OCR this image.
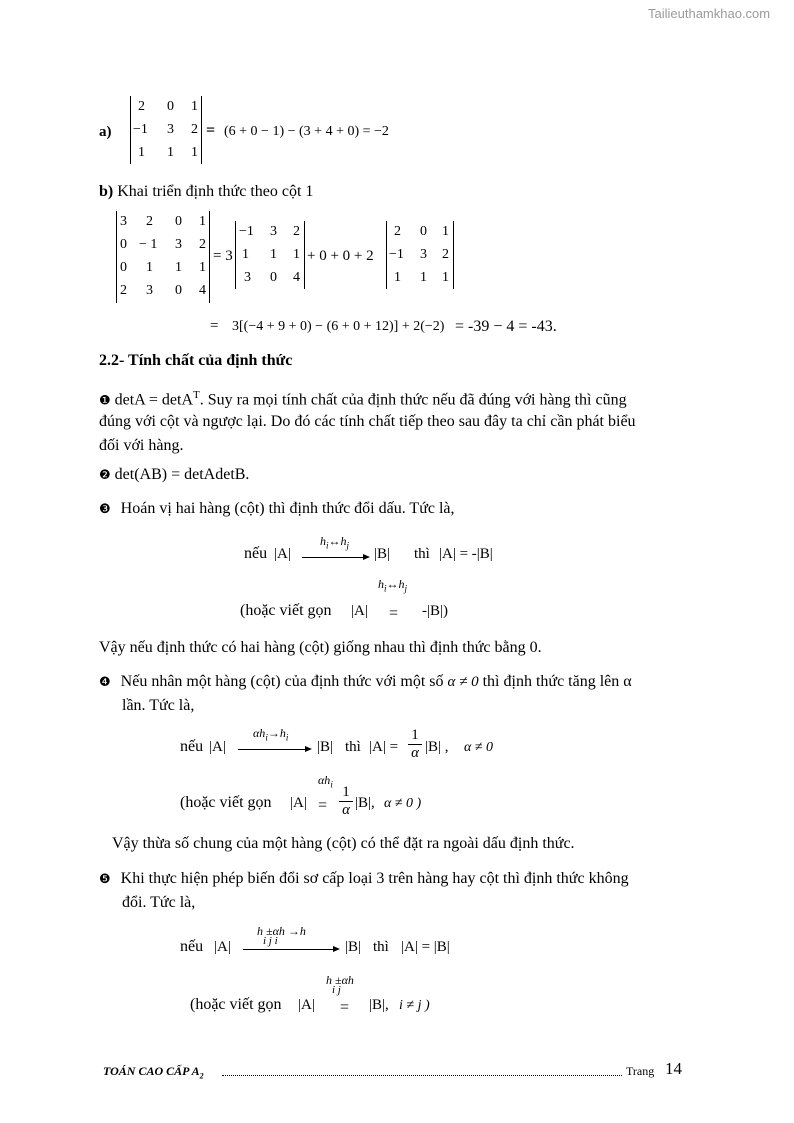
Tailieuthamkhao.com
a)
2 0 1
−1 3 2
1 1 1
= (6 + 0 − 1) − (3 + 4 + 0) = −2
b) Khai triển định thức theo cột 1
3 2 0 1
0 − 1 3 2
0 1 1 1
2 3 0 4
= 3
−1 3 2
1 1 1
3 0 4
+ 0 + 0 + 2
2 0 1
−1 3 2
1 1 1
= 3[(−4 + 9 + 0) − (6 + 0 + 12)] + 2(−2) = -39 − 4 = -43.
2.2- Tính chất của định thức
❶ detA = detA$^T$. Suy ra mọi tính chất của định thức nếu đã đúng với hàng thì cũng
đúng với cột và ngược lại. Do đó các tính chất tiếp theo sau đây ta chỉ cần phát biểu
đối với hàng.
❷ det(AB) = detAdetB.
❸ Hoán vị hai hàng (cột) thì định thức đổi dấu. Tức là,
nếu |A|
$h_i\leftrightarrow h_j$
|B| thì |A| = -|B|
$h_i\leftrightarrow h_j$
(hoặc viết gọn |A| = -|B|)
Vậy nếu định thức có hai hàng (cột) giống nhau thì định thức bằng 0.
❹ Nếu nhân một hàng (cột) của định thức với một số α ≠ 0 thì định thức tăng lên α
lần. Tức là,
nếu |A|
$\alpha h_i\to h_i$
|B| thì $|A| = \frac{1}{\alpha} |B|$ , α ≠ 0
$\alpha h_i$
(hoặc viết gọn $|A| = \frac{1}{\alpha} |B|$, α ≠ 0 )
Vậy thừa số chung của một hàng (cột) có thể đặt ra ngoài dấu định thức.
❺ Khi thực hiện phép biến đổi sơ cấp loại 3 trên hàng hay cột thì định thức không
đổi. Tức là,
h ±αh →h
i j i
nếu |A|	|B| thì |A| = |B|
h ±αh
i j
(hoặc viết gọn |A| = |B|, i ≠ j )
TOÁN CAO CẤP $A_2$	Trang 14
